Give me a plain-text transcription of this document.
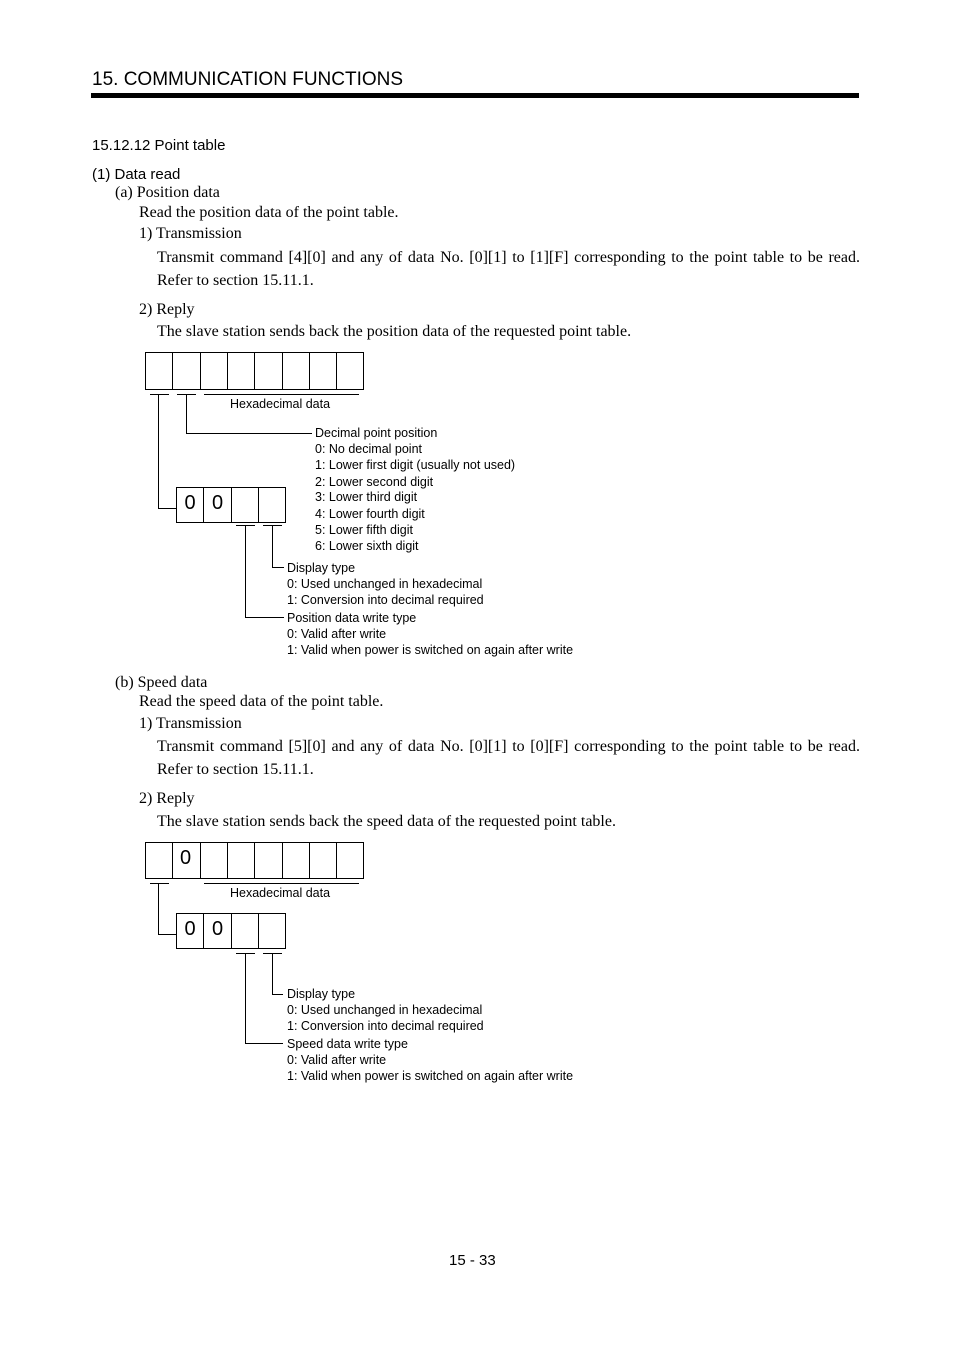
15. COMMUNICATION FUNCTIONS
15.12.12 Point table
(1) Data read
(a) Position data
Read the position data of the point table.
1) Transmission
Transmit command [4][0] and any of data No. [0][1] to [1][F] corresponding to the point table to be read. Refer to section 15.11.1.
2) Reply
The slave station sends back the position data of the requested point table.
Hexadecimal data
Decimal point position
0: No decimal point
1: Lower first digit (usually not used)
2: Lower second digit
3: Lower third digit
4: Lower fourth digit
5: Lower fifth digit
6: Lower sixth digit
0 0
Display type
0: Used unchanged in hexadecimal
1: Conversion into decimal required
Position data write type
0: Valid after write
1: Valid when power is switched on again after write
(b) Speed data
Read the speed data of the point table.
1) Transmission
Transmit command [5][0] and any of data No. [0][1] to [0][F] corresponding to the point table to be read. Refer to section 15.11.1.
2) Reply
The slave station sends back the speed data of the requested point table.
0
Hexadecimal data
0 0
Display type
0: Used unchanged in hexadecimal
1: Conversion into decimal required
Speed data write type
0: Valid after write
1: Valid when power is switched on again after write
15 - 33
